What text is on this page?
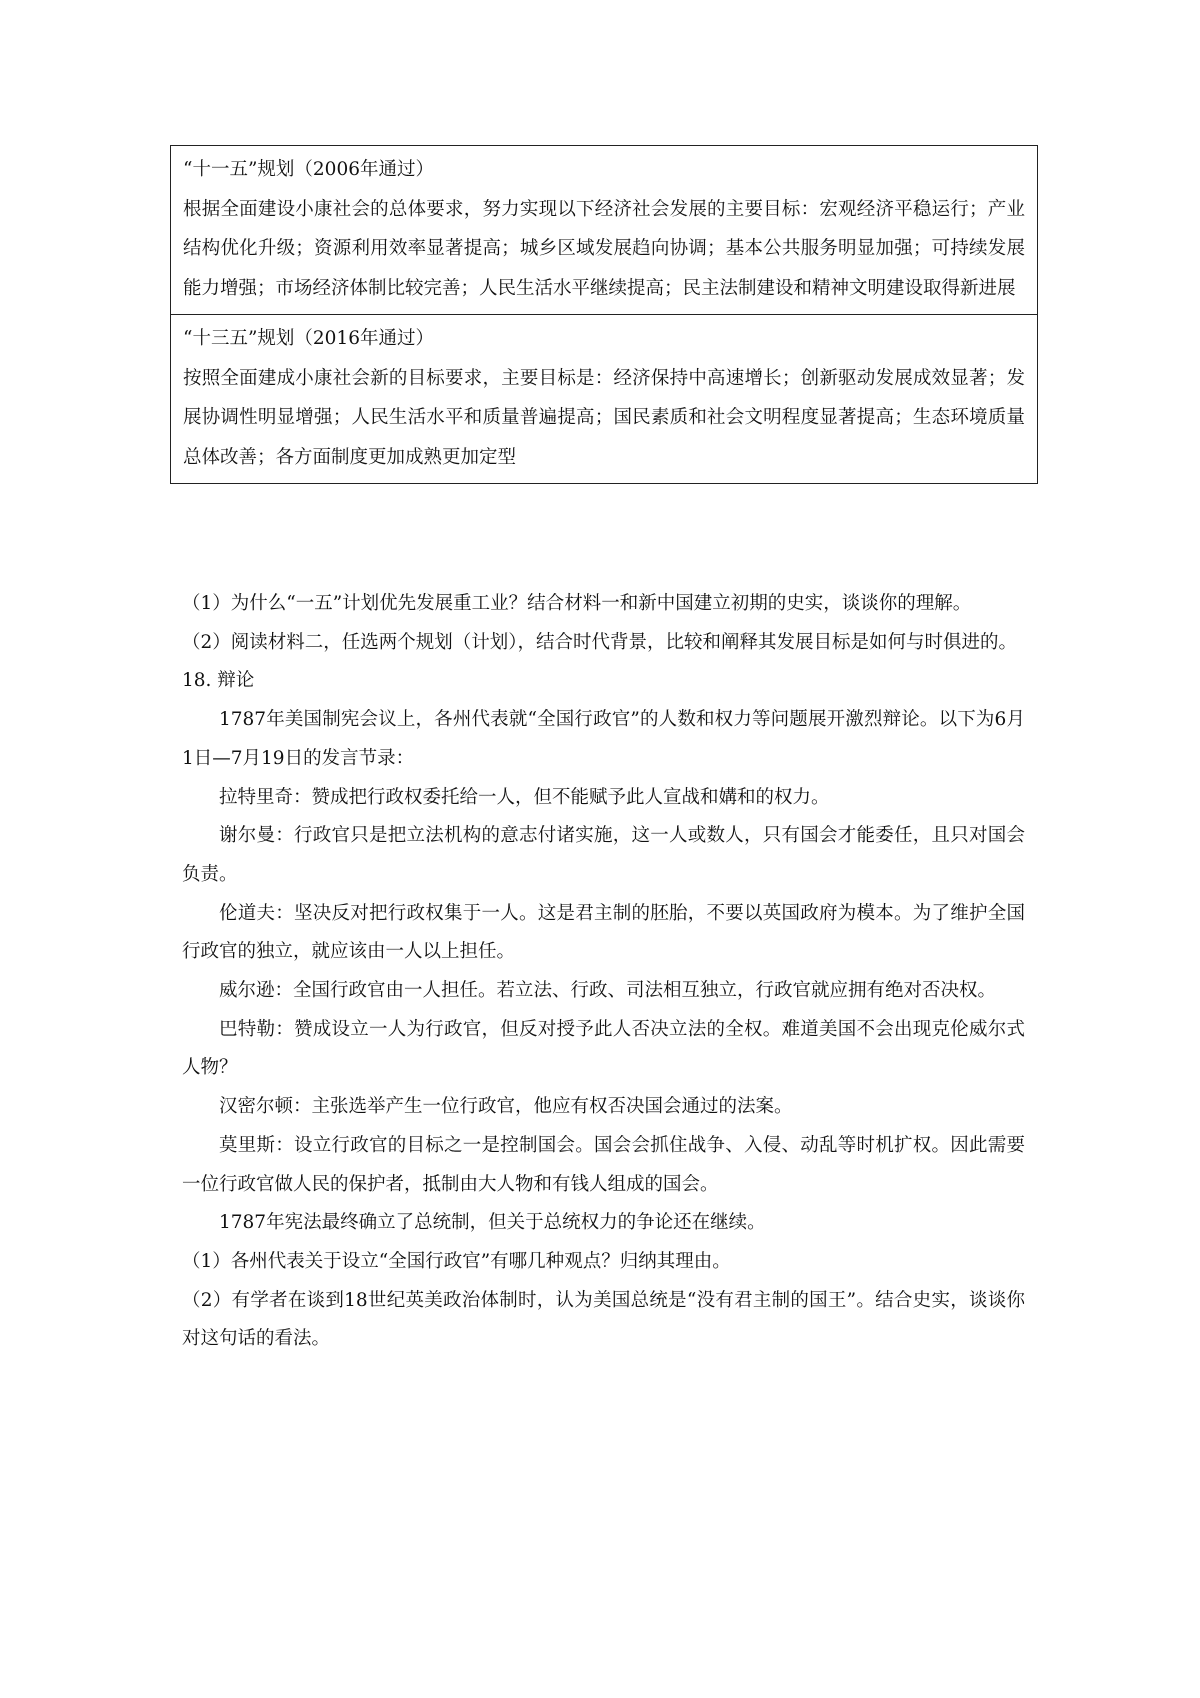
“十一五”规划（2006年通过）

根据全面建设小康社会的总体要求，努力实现以下经济社会发展的主要目标：宏观经济平稳运行；产业结构优化升级；资源利用效率显著提高；城乡区域发展趋向协调；基本公共服务明显加强；可持续发展能力增强；市场经济体制比较完善；人民生活水平继续提高；民主法制建设和精神文明建设取得新进展

“十三五”规划（2016年通过）

按照全面建成小康社会新的目标要求，主要目标是：经济保持中高速增长；创新驱动发展成效显著；发展协调性明显增强；人民生活水平和质量普遍提高；国民素质和社会文明程度显著提高；生态环境质量总体改善；各方面制度更加成熟更加定型

（1）为什么“一五”计划优先发展重工业？结合材料一和新中国建立初期的史实，谈谈你的理解。

（2）阅读材料二，任选两个规划（计划），结合时代背景，比较和阐释其发展目标是如何与时俱进的。

18. 辩论

1787年美国制宪会议上，各州代表就“全国行政官”的人数和权力等问题展开激烈辩论。以下为6月1日—7月19日的发言节录：

拉特里奇：赞成把行政权委托给一人，但不能赋予此人宣战和媾和的权力。

谢尔曼：行政官只是把立法机构的意志付诸实施，这一人或数人，只有国会才能委任，且只对国会负责。

伦道夫：坚决反对把行政权集于一人。这是君主制的胚胎，不要以英国政府为模本。为了维护全国行政官的独立，就应该由一人以上担任。

威尔逊：全国行政官由一人担任。若立法、行政、司法相互独立，行政官就应拥有绝对否决权。

巴特勒：赞成设立一人为行政官，但反对授予此人否决立法的全权。难道美国不会出现克伦威尔式人物？

汉密尔顿：主张选举产生一位行政官，他应有权否决国会通过的法案。

莫里斯：设立行政官的目标之一是控制国会。国会会抓住战争、入侵、动乱等时机扩权。因此需要一位行政官做人民的保护者，抵制由大人物和有钱人组成的国会。

1787年宪法最终确立了总统制，但关于总统权力的争论还在继续。

（1）各州代表关于设立“全国行政官”有哪几种观点？归纳其理由。

（2）有学者在谈到18世纪英美政治体制时，认为美国总统是“没有君主制的国王”。结合史实，谈谈你对这句话的看法。
